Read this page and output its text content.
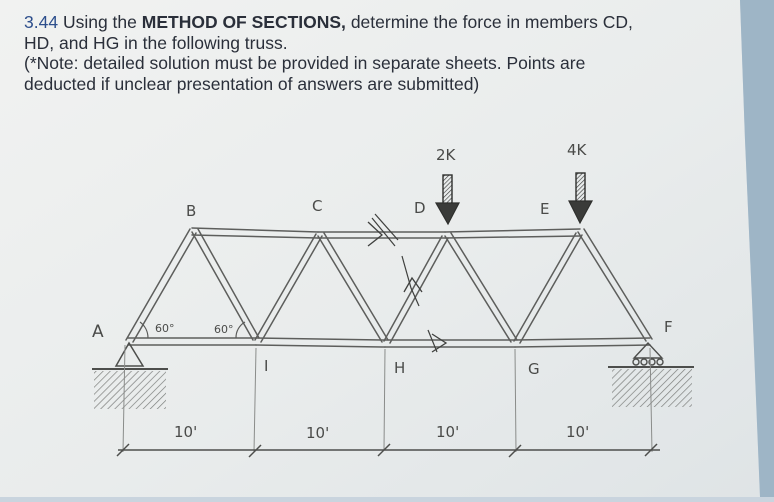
A
B	C	D	E
F
I	H	G
2K	4K
60°	60°
10'	10'	10'	10'

3.44 Using the METHOD OF SECTIONS, determine the force in members CD,

HD, and HG in the following truss.

(*Note: detailed solution must be provided in separate sheets. Points are

deducted if unclear presentation of answers are submitted)
